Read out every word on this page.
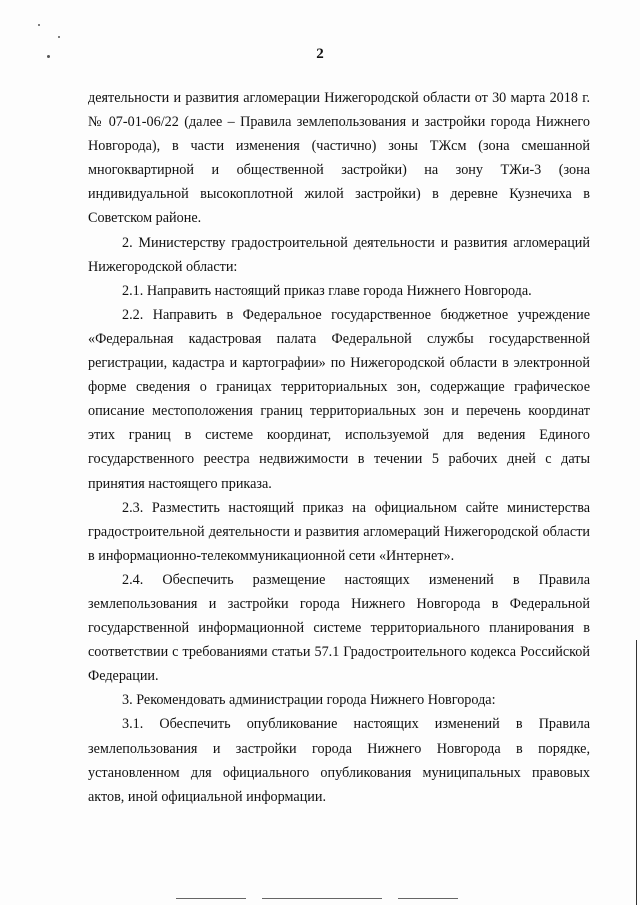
2

деятельности и развития агломерации Нижегородской области от 30 марта 2018 г. № 07-01-06/22 (далее – Правила землепользования и застройки города Нижнего Новгорода), в части изменения (частично) зоны ТЖсм (зона смешанной многоквартирной и общественной застройки) на зону ТЖи-3 (зона индивидуальной высокоплотной жилой застройки) в деревне Кузнечиха в Советском районе.

2. Министерству градостроительной деятельности и развития агломераций Нижегородской области:

2.1. Направить настоящий приказ главе города Нижнего Новгорода.

2.2. Направить в Федеральное государственное бюджетное учреждение «Федеральная кадастровая палата Федеральной службы государственной регистрации, кадастра и картографии» по Нижегородской области в электронной форме сведения о границах территориальных зон, содержащие графическое описание местоположения границ территориальных зон и перечень координат этих границ в системе координат, используемой для ведения Единого государственного реестра недвижимости в течении 5 рабочих дней с даты принятия настоящего приказа.

2.3. Разместить настоящий приказ на официальном сайте министерства градостроительной деятельности и развития агломераций Нижегородской области в информационно-телекоммуникационной сети «Интернет».

2.4. Обеспечить размещение настоящих изменений в Правила землепользования и застройки города Нижнего Новгорода в Федеральной государственной информационной системе территориального планирования в соответствии с требованиями статьи 57.1 Градостроительного кодекса Российской Федерации.

3. Рекомендовать администрации города Нижнего Новгорода:

3.1. Обеспечить опубликование настоящих изменений в Правила землепользования и застройки города Нижнего Новгорода в порядке, установленном для официального опубликования муниципальных правовых актов, иной официальной информации.
